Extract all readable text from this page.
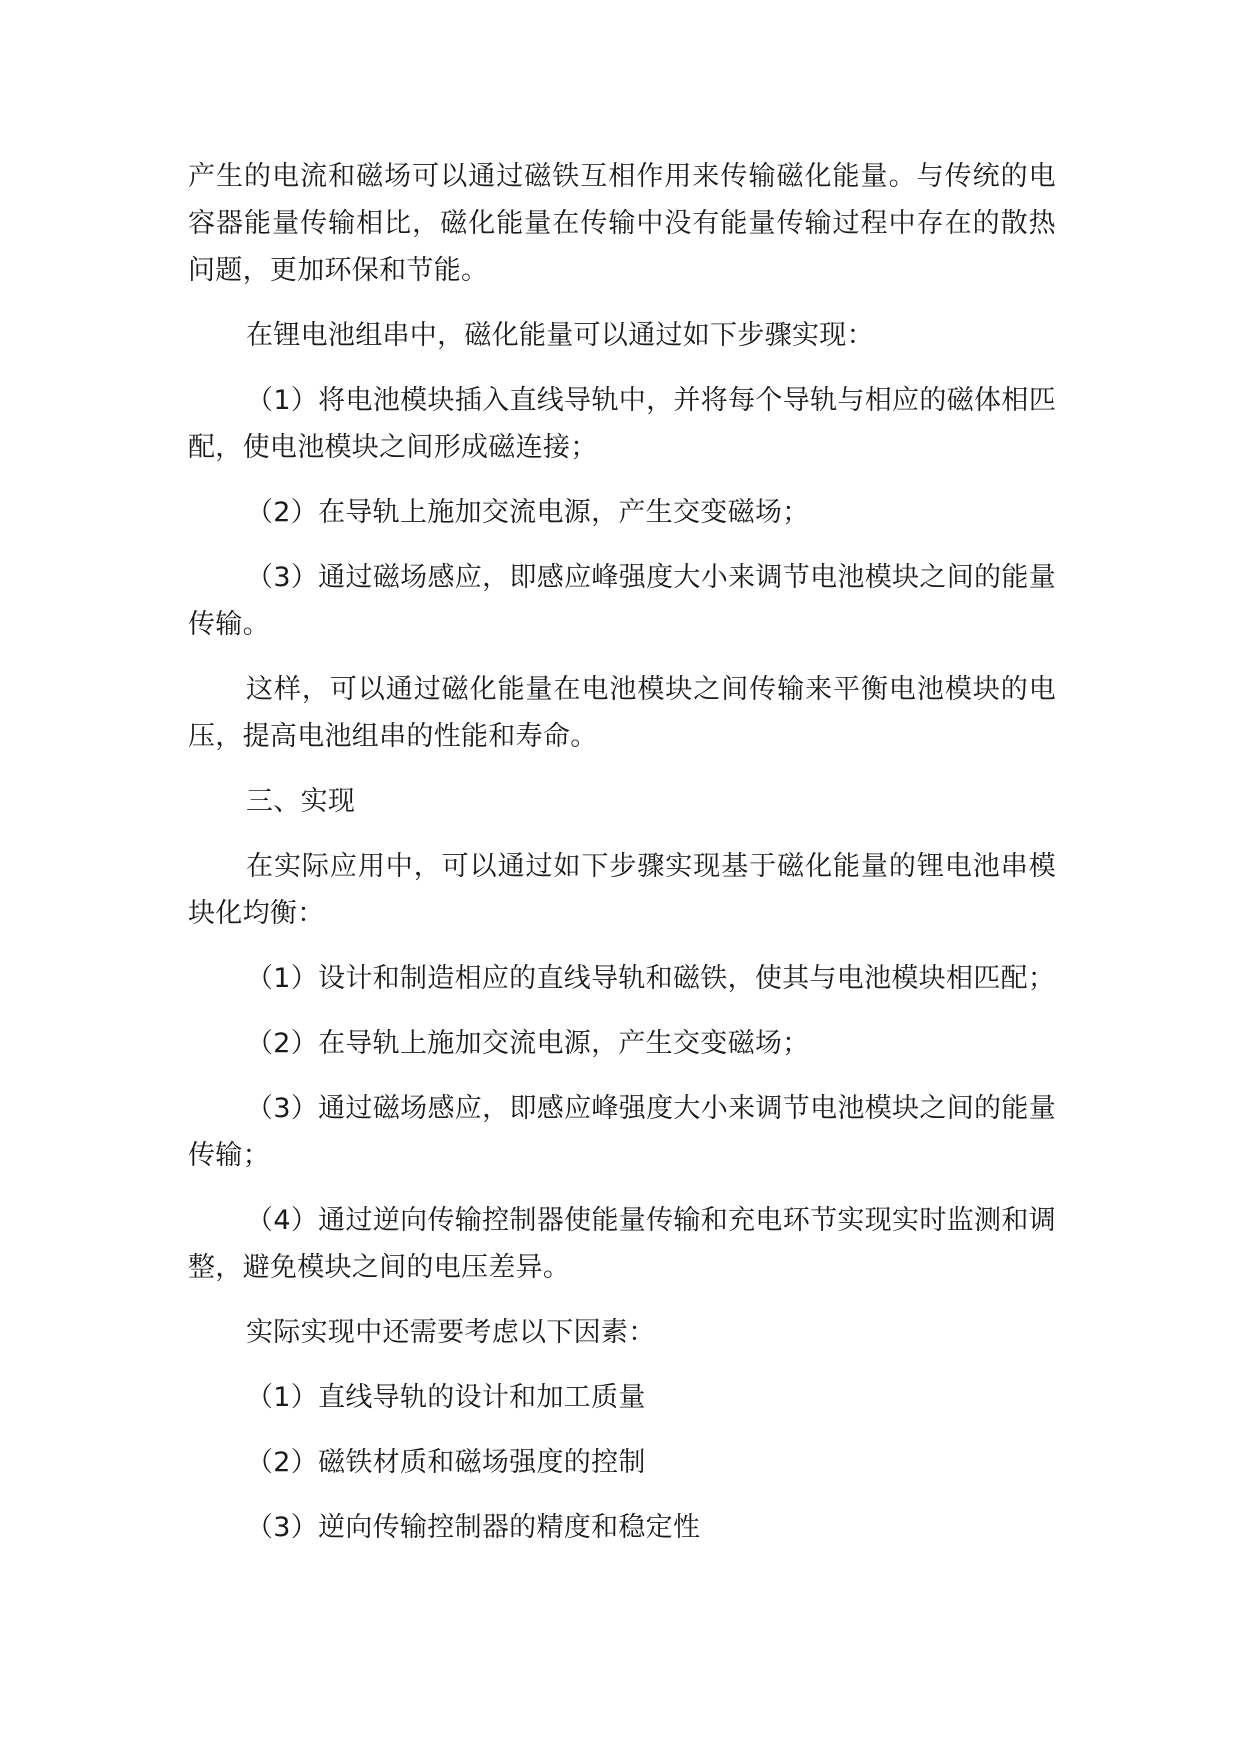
产生的电流和磁场可以通过磁铁互相作用来传输磁化能量。与传统的电容器能量传输相比，磁化能量在传输中没有能量传输过程中存在的散热问题，更加环保和节能。

在锂电池组串中，磁化能量可以通过如下步骤实现：

（1）将电池模块插入直线导轨中，并将每个导轨与相应的磁体相匹配，使电池模块之间形成磁连接；

（2）在导轨上施加交流电源，产生交变磁场；

（3）通过磁场感应，即感应峰强度大小来调节电池模块之间的能量传输。

这样，可以通过磁化能量在电池模块之间传输来平衡电池模块的电压，提高电池组串的性能和寿命。

三、实现

在实际应用中，可以通过如下步骤实现基于磁化能量的锂电池串模块化均衡：

（1）设计和制造相应的直线导轨和磁铁，使其与电池模块相匹配；

（2）在导轨上施加交流电源，产生交变磁场；

（3）通过磁场感应，即感应峰强度大小来调节电池模块之间的能量传输；

（4）通过逆向传输控制器使能量传输和充电环节实现实时监测和调整，避免模块之间的电压差异。

实际实现中还需要考虑以下因素：

（1）直线导轨的设计和加工质量

（2）磁铁材质和磁场强度的控制

（3）逆向传输控制器的精度和稳定性
